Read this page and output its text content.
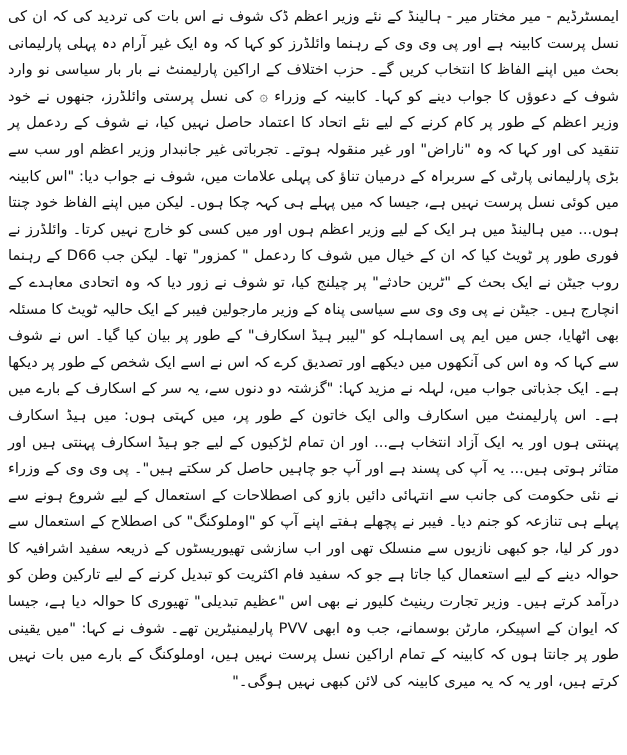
ایمسٹرڈیم - میر مختار میر - ہالینڈ کے نئے وزیر اعظم ڈک شوف نے اس بات کی تردید کی کہ ان کی نسل پرست کابینہ ہے اور پی وی وی کے رہنما وائلڈرز کو کہا کہ وہ ایک غیر آرام دہ پہلی پارلیمانی بحث میں اپنے الفاظ کا انتخاب کریں گے۔ حزب اختلاف کے اراکین پارلیمنٹ نے بار بار سیاسی نو وارد شوف کے دعوؤں کا جواب دینے کو کہا۔ کابینہ کے وزراء ۞ کی نسل پرستی وائلڈرز، جنھوں نے خود وزیر اعظم کے طور پر کام کرنے کے لیے نئے اتحاد کا اعتماد حاصل نہیں کیا، نے شوف کے ردعمل پر تنقید کی اور کہا کہ وہ "ناراض" اور غیر منقولہ ہوتے۔ تجرباتی غیر جانبدار وزیر اعظم اور سب سے بڑی پارلیمانی پارٹی کے سربراہ کے درمیان تناؤ کی پہلی علامات میں، شوف نے جواب دیا: "اس کابینہ میں کوئی نسل پرست نہیں ہے، جیسا کہ میں پہلے ہی کہہ چکا ہوں۔ لیکن میں اپنے الفاظ خود چنتا ہوں... میں ہالینڈ میں ہر ایک کے لیے وزیر اعظم ہوں اور میں کسی کو خارج نہیں کرتا۔ وائلڈرز نے فوری طور پر ٹویٹ کیا کہ ان کے خیال میں شوف کا ردعمل " کمزور" تھا۔ لیکن جب D66 کے رہنما روب جیٹن نے ایک بحث کے "ٹرین حادثے" پر چیلنج کیا، تو شوف نے زور دیا کہ وہ اتحادی معاہدے کے انچارج ہیں۔ جیٹن نے پی وی وی سے سیاسی پناہ کے وزیر مارجولین فیبر کے ایک حالیہ ٹویٹ کا مسئلہ بھی اٹھایا، جس میں ایم پی اسماہلہ کو "لیبر ہیڈ اسکارف" کے طور پر بیان کیا گیا۔ اس نے شوف سے کہا کہ وہ اس کی آنکھوں میں دیکھے اور تصدیق کرے کہ اس نے اسے ایک شخص کے طور پر دیکھا ہے۔ ایک جذباتی جواب میں، لہلہ نے مزید کہا: "گزشتہ دو دنوں سے، یہ سر کے اسکارف کے بارے میں ہے۔ اس پارلیمنٹ میں اسکارف والی ایک خاتون کے طور پر، میں کہتی ہوں: میں ہیڈ اسکارف پہنتی ہوں اور یہ ایک آزاد انتخاب ہے... اور ان تمام لڑکیوں کے لیے جو ہیڈ اسکارف پہنتی ہیں اور متاثر ہوتی ہیں... یہ آپ کی پسند ہے اور آپ جو چاہیں حاصل کر سکتے ہیں"۔ پی وی وی کے وزراء نے نئی حکومت کی جانب سے انتہائی دائیں بازو کی اصطلاحات کے استعمال کے لیے شروع ہونے سے پہلے ہی تنازعہ کو جنم دیا۔ فیبر نے پچھلے ہفتے اپنے آپ کو "اوملوکنگ" کی اصطلاح کے استعمال سے دور کر لیا، جو کبھی نازیوں سے منسلک تھی اور اب سازشی تھیوریسٹوں کے ذریعہ سفید اشرافیہ کا حوالہ دینے کے لیے استعمال کیا جاتا ہے جو کہ سفید فام اکثریت کو تبدیل کرنے کے لیے تارکین وطن کو درآمد کرتے ہیں۔ وزیر تجارت رینیٹ کلیور نے بھی اس "عظیم تبدیلی" تھیوری کا حوالہ دیا ہے، جیسا کہ ایوان کے اسپیکر، مارٹن بوسمانے، جب وہ ابھی PVV پارلیمنیٹرین تھے۔ شوف نے کہا: "میں یقینی طور پر جانتا ہوں کہ کابینہ کے تمام اراکین نسل پرست نہیں ہیں، اوملوکنگ کے بارے میں بات نہیں کرتے ہیں، اور یہ کہ یہ میری کابینہ کی لائن کبھی نہیں ہوگی۔"
